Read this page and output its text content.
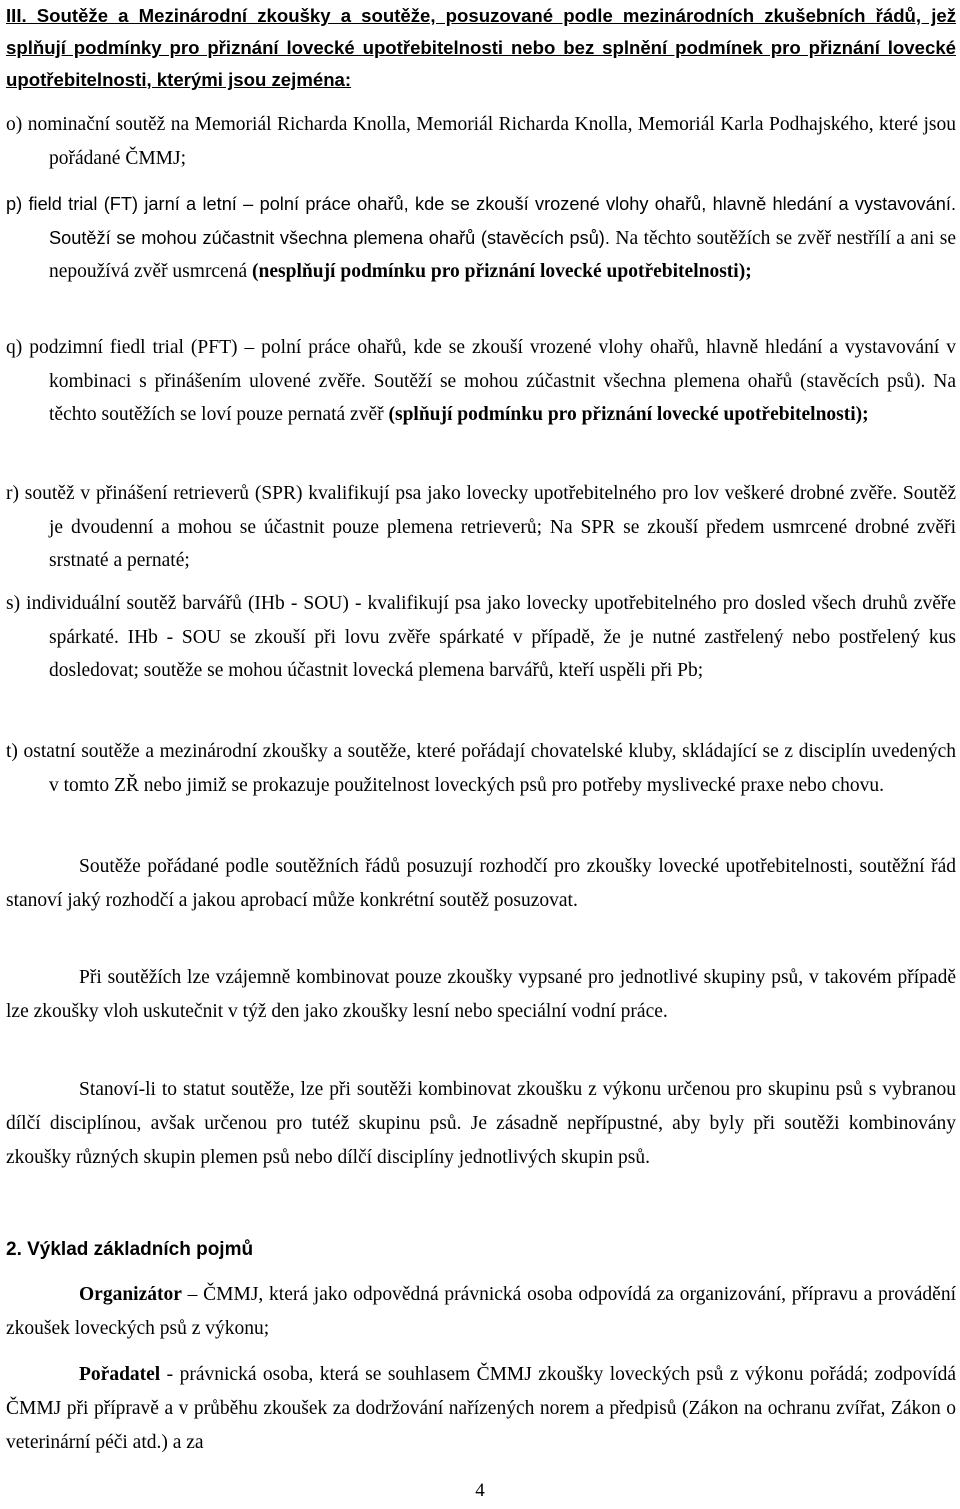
III. Soutěže a Mezinárodní zkoušky a soutěže, posuzované podle mezinárodních zkušebních řádů, jež splňují podmínky pro přiznání lovecké upotřebitelnosti nebo bez splnění podmínek pro přiznání lovecké upotřebitelnosti, kterými jsou zejména:
o) nominační soutěž na Memoriál Richarda Knolla, Memoriál Richarda Knolla, Memoriál Karla Podhajského, které jsou pořádané ČMMJ;
p) field trial (FT) jarní a letní – polní práce ohařů, kde se zkouší vrozené vlohy ohařů, hlavně hledání a vystavování. Soutěží se mohou zúčastnit všechna plemena ohařů (stavěcích psů). Na těchto soutěžích se zvěř nestřílí a ani se nepoužívá zvěř usmrcená (nesplňují podmínku pro přiznání lovecké upotřebitelnosti);
q) podzimní fiedl trial (PFT) – polní práce ohařů, kde se zkouší vrozené vlohy ohařů, hlavně hledání a vystavování v kombinaci s přinášením ulovené zvěře. Soutěží se mohou zúčastnit všechna plemena ohařů (stavěcích psů). Na těchto soutěžích se loví pouze pernatá zvěř (splňují podmínku pro přiznání lovecké upotřebitelnosti);
r) soutěž v přinášení retrieverů (SPR) kvalifikují psa jako lovecky upotřebitelného pro lov veškeré drobné zvěře. Soutěž je dvoudenní a mohou se účastnit pouze plemena retrieverů; Na SPR se zkouší předem usmrcené drobné zvěři srstnaté a pernaté;
s) individuální soutěž barvářů (IHb - SOU) - kvalifikují psa jako lovecky upotřebitelného pro dosled všech druhů zvěře spárkaté. IHb - SOU se zkouší při lovu zvěře spárkaté v případě, že je nutné zastřelený nebo postřelený kus dosledovat; soutěže se mohou účastnit lovecká plemena barvářů, kteří uspěli při Pb;
t) ostatní soutěže a mezinárodní zkoušky a soutěže, které pořádají chovatelské kluby, skládající se z disciplín uvedených v tomto ZŘ nebo jimiž se prokazuje použitelnost loveckých psů pro potřeby myslivecké praxe nebo chovu.
Soutěže pořádané podle soutěžních řádů posuzují rozhodčí pro zkoušky lovecké upotřebitelnosti, soutěžní řád stanoví jaký rozhodčí a jakou aprobací může konkrétní soutěž posuzovat.
Při soutěžích lze vzájemně kombinovat pouze zkoušky vypsané pro jednotlivé skupiny psů, v takovém případě lze zkoušky vloh uskutečnit v týž den jako zkoušky lesní nebo speciální vodní práce.
Stanoví-li to statut soutěže, lze při soutěži kombinovat zkoušku z výkonu určenou pro skupinu psů s vybranou dílčí disciplínou, avšak určenou pro tutéž skupinu psů. Je zásadně nepřípustné, aby byly při soutěži kombinovány zkoušky různých skupin plemen psů nebo dílčí disciplíny jednotlivých skupin psů.
2. Výklad základních pojmů
Organizátor – ČMMJ, která jako odpovědná právnická osoba odpovídá za organizování, přípravu a provádění zkoušek loveckých psů z výkonu;
Pořadatel - právnická osoba, která se souhlasem ČMMJ zkoušky loveckých psů z výkonu pořádá; zodpovídá ČMMJ při přípravě a v průběhu zkoušek za dodržování nařízených norem a předpisů (Zákon na ochranu zvířat, Zákon o veterinární péči atd.) a za
4
